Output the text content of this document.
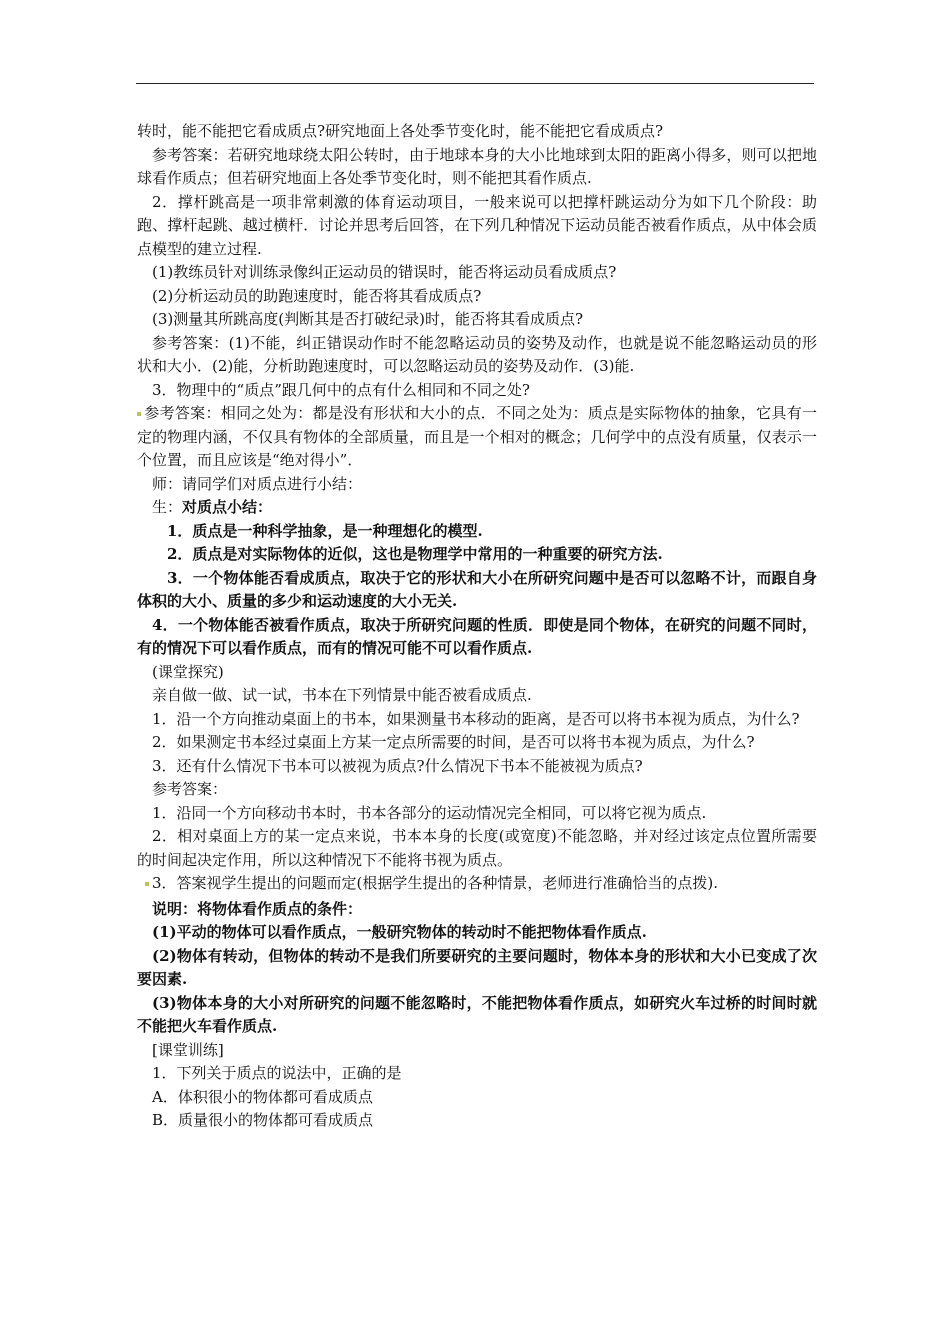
转时，能不能把它看成质点?研究地面上各处季节变化时，能不能把它看成质点?

参考答案：若研究地球绕太阳公转时，由于地球本身的大小比地球到太阳的距离小得多，则可以把地球看作质点；但若研究地面上各处季节变化时，则不能把其看作质点.

2．撑杆跳高是一项非常刺激的体育运动项目，一般来说可以把撑杆跳运动分为如下几个阶段：助跑、撑杆起跳、越过横杆．讨论并思考后回答，在下列几种情况下运动员能否被看作质点，从中体会质点模型的建立过程.

(1)教练员针对训练录像纠正运动员的错误时，能否将运动员看成质点?

(2)分析运动员的助跑速度时，能否将其看成质点?

(3)测量其所跳高度(判断其是否打破纪录)时，能否将其看成质点?

参考答案：(1)不能，纠正错误动作时不能忽略运动员的姿势及动作，也就是说不能忽略运动员的形状和大小．(2)能，分析助跑速度时，可以忽略运动员的姿势及动作．(3)能.

3．物理中的“质点”跟几何中的点有什么相同和不同之处?

参考答案：相同之处为：都是没有形状和大小的点．不同之处为：质点是实际物体的抽象，它具有一定的物理内涵，不仅具有物体的全部质量，而且是一个相对的概念；几何学中的点没有质量，仅表示一个位置，而且应该是“绝对得小”．

师：请同学们对质点进行小结：

生：对质点小结：

1．质点是一种科学抽象，是一种理想化的模型.

2．质点是对实际物体的近似，这也是物理学中常用的一种重要的研究方法.

3．一个物体能否看成质点，取决于它的形状和大小在所研究问题中是否可以忽略不计，而跟自身体积的大小、质量的多少和运动速度的大小无关.

4．一个物体能否被看作质点，取决于所研究问题的性质．即使是同个物体，在研究的问题不同时，有的情况下可以看作质点，而有的情况可能不可以看作质点.

(课堂探究)

亲自做一做、试一试，书本在下列情景中能否被看成质点.

1．沿一个方向推动桌面上的书本，如果测量书本移动的距离，是否可以将书本视为质点，为什么?

2．如果测定书本经过桌面上方某一定点所需要的时间，是否可以将书本视为质点，为什么?

3．还有什么情况下书本可以被视为质点?什么情况下书本不能被视为质点?

参考答案：

1．沿同一个方向移动书本时，书本各部分的运动情况完全相同，可以将它视为质点.

2．相对桌面上方的某一定点来说，书本本身的长度(或宽度)不能忽略，并对经过该定点位置所需要的时间起决定作用，所以这种情况下不能将书视为质点。

3．答案视学生提出的问题而定(根据学生提出的各种情景，老师进行准确恰当的点拨).

说明：将物体看作质点的条件：

(1)平动的物体可以看作质点，一般研究物体的转动时不能把物体看作质点.

(2)物体有转动，但物体的转动不是我们所要研究的主要问题时，物体本身的形状和大小已变成了次要因素.

(3)物体本身的大小对所研究的问题不能忽略时，不能把物体看作质点，如研究火车过桥的时间时就不能把火车看作质点.

[课堂训练]

1．下列关于质点的说法中，正确的是

A．体积很小的物体都可看成质点

B．质量很小的物体都可看成质点
